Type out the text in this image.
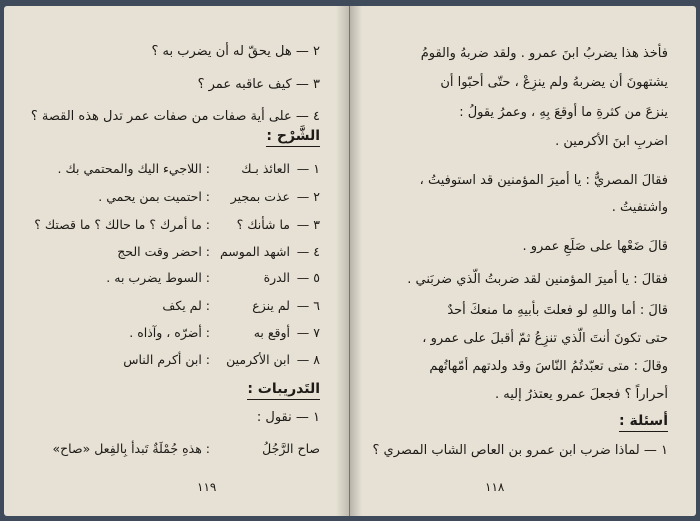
٢ — هل يحقّ له أن يضرب به ؟
٣ — كيف عاقبه عمر ؟
٤ — على أية صفات من صفات عمر تدل هذه القصة ؟
الشَّرْح :
١ —
العائذ بـك
: اللاجيء اليك والمحتمي بك .
٢ —
عذت بمجير
: احتميت بمن يحمي .
٣ —
ما شأنك ؟
: ما أمرك ؟ ما حالك ؟ ما قصتك ؟
٤ —
اشهد الموسم
: احضر وقت الحج
٥ —
الدرة
: السوط يضرب به .
٦ —
لم ينزع
: لم يكف
٧ —
أوقع به
: أضرّه ، وآذاه .
٨ —
ابن الأكرمين
: ابن أكرم الناس
التَدريبات :
١ — نقول :
صاح الرَّجُلُ
: هذهِ جُمْلَةٌ تَبدأ بِالفِعل «صاح»
١١٩
فأخذ هذا يضربُ ابنَ عمرو . ولقد ضربهُ والقومُ
يشتهونَ أن يضربهُ ولم ينزِعْ ، حتّى أحبّوا أن
ينزعَ من كثرةِ ما أوقعَ بِهِ ، وعمرُ يقولُ :
اضربِ ابنَ الأكرمين .
فقالَ المصريُّ : يا أميرَ المؤمنين قد استوفيتُ ،
واشتفيتُ .
قالَ ضَعْها على صَلَعِ عمرو .
فقالَ : يا أميرَ المؤمنين لقد ضربتُ الّذي ضربَني .
قالَ : أما واللهِ لو فعلتَ بأبيهِ ما منعكَ أحدٌ
حتى تكونَ أنتَ الّذي تنزِعُ ثمّ أقبلَ على عمرو ،
وقالَ : متى تعبّدتُمُ النّاسَ وقد ولدتهم أمّهاتُهم
أحراراً ؟ فجعلَ عمرو يعتذرُ إليه .
أسئلة :
١ — لماذا ضرب ابن عمرو بن العاص الشاب المصري ؟
١١٨
